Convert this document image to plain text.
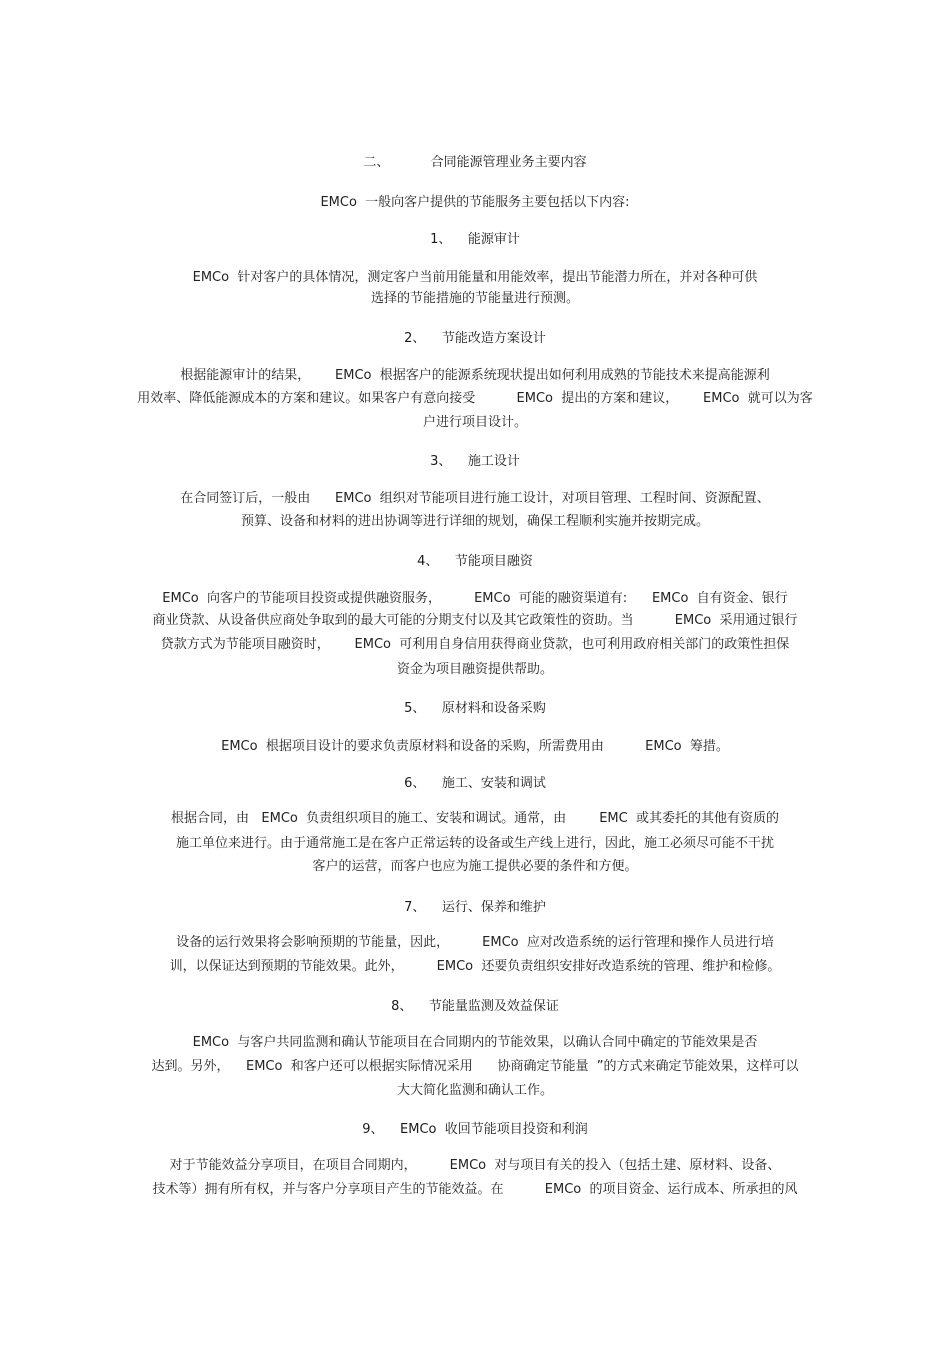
二、          合同能源管理业务主要内容
EMCo  一般向客户提供的节能服务主要包括以下内容:
1、    能源审计
EMCo  针对客户的具体情况，测定客户当前用能量和用能效率，提出节能潜力所在，并对各种可供
选择的节能措施的节能量进行预测。
2、    节能改造方案设计
根据能源审计的结果，      EMCo  根据客户的能源系统现状提出如何利用成熟的节能技术来提高能源利
用效率、降低能源成本的方案和建议。如果客户有意向接受          EMCo  提出的方案和建议，      EMCo  就可以为客
户进行项目设计。
3、    施工设计
在合同签订后，一般由      EMCo  组织对节能项目进行施工设计，对项目管理、工程时间、资源配置、
预算、设备和材料的进出协调等进行详细的规划，确保工程顺利实施并按期完成。
4、    节能项目融资
EMCo  向客户的节能项目投资或提供融资服务，        EMCo  可能的融资渠道有:      EMCo  自有资金、银行
商业贷款、从设备供应商处争取到的最大可能的分期支付以及其它政策性的资助。当          EMCo  采用通过银行
贷款方式为节能项目融资时，      EMCo  可利用自身信用获得商业贷款，也可利用政府相关部门的政策性担保
资金为项目融资提供帮助。
5、    原材料和设备采购
EMCo  根据项目设计的要求负责原材料和设备的采购，所需费用由          EMCo  筹措。
6、    施工、安装和调试
根据合同，由   EMCo  负责组织项目的施工、安装和调试。通常，由        EMC  或其委托的其他有资质的
施工单位来进行。由于通常施工是在客户正常运转的设备或生产线上进行，因此，施工必须尽可能不干扰
客户的运营，而客户也应为施工提供必要的条件和方便。
7、    运行、保养和维护
设备的运行效果将会影响预期的节能量，因此，        EMCo  应对改造系统的运行管理和操作人员进行培
训，以保证达到预期的节能效果。此外，        EMCo  还要负责组织安排好改造系统的管理、维护和检修。
8、    节能量监测及效益保证
EMCo  与客户共同监测和确认节能项目在合同期内的节能效果，以确认合同中确定的节能效果是否
达到。另外，    EMCo  和客户还可以根据实际情况采用      协商确定节能量  ”的方式来确定节能效果，这样可以
大大简化监测和确认工作。
9、    EMCo  收回节能项目投资和利润
对于节能效益分享项目，在项目合同期内，        EMCo  对与项目有关的投入（包括土建、原材料、设备、
技术等）拥有所有权，并与客户分享项目产生的节能效益。在          EMCo  的项目资金、运行成本、所承担的风
